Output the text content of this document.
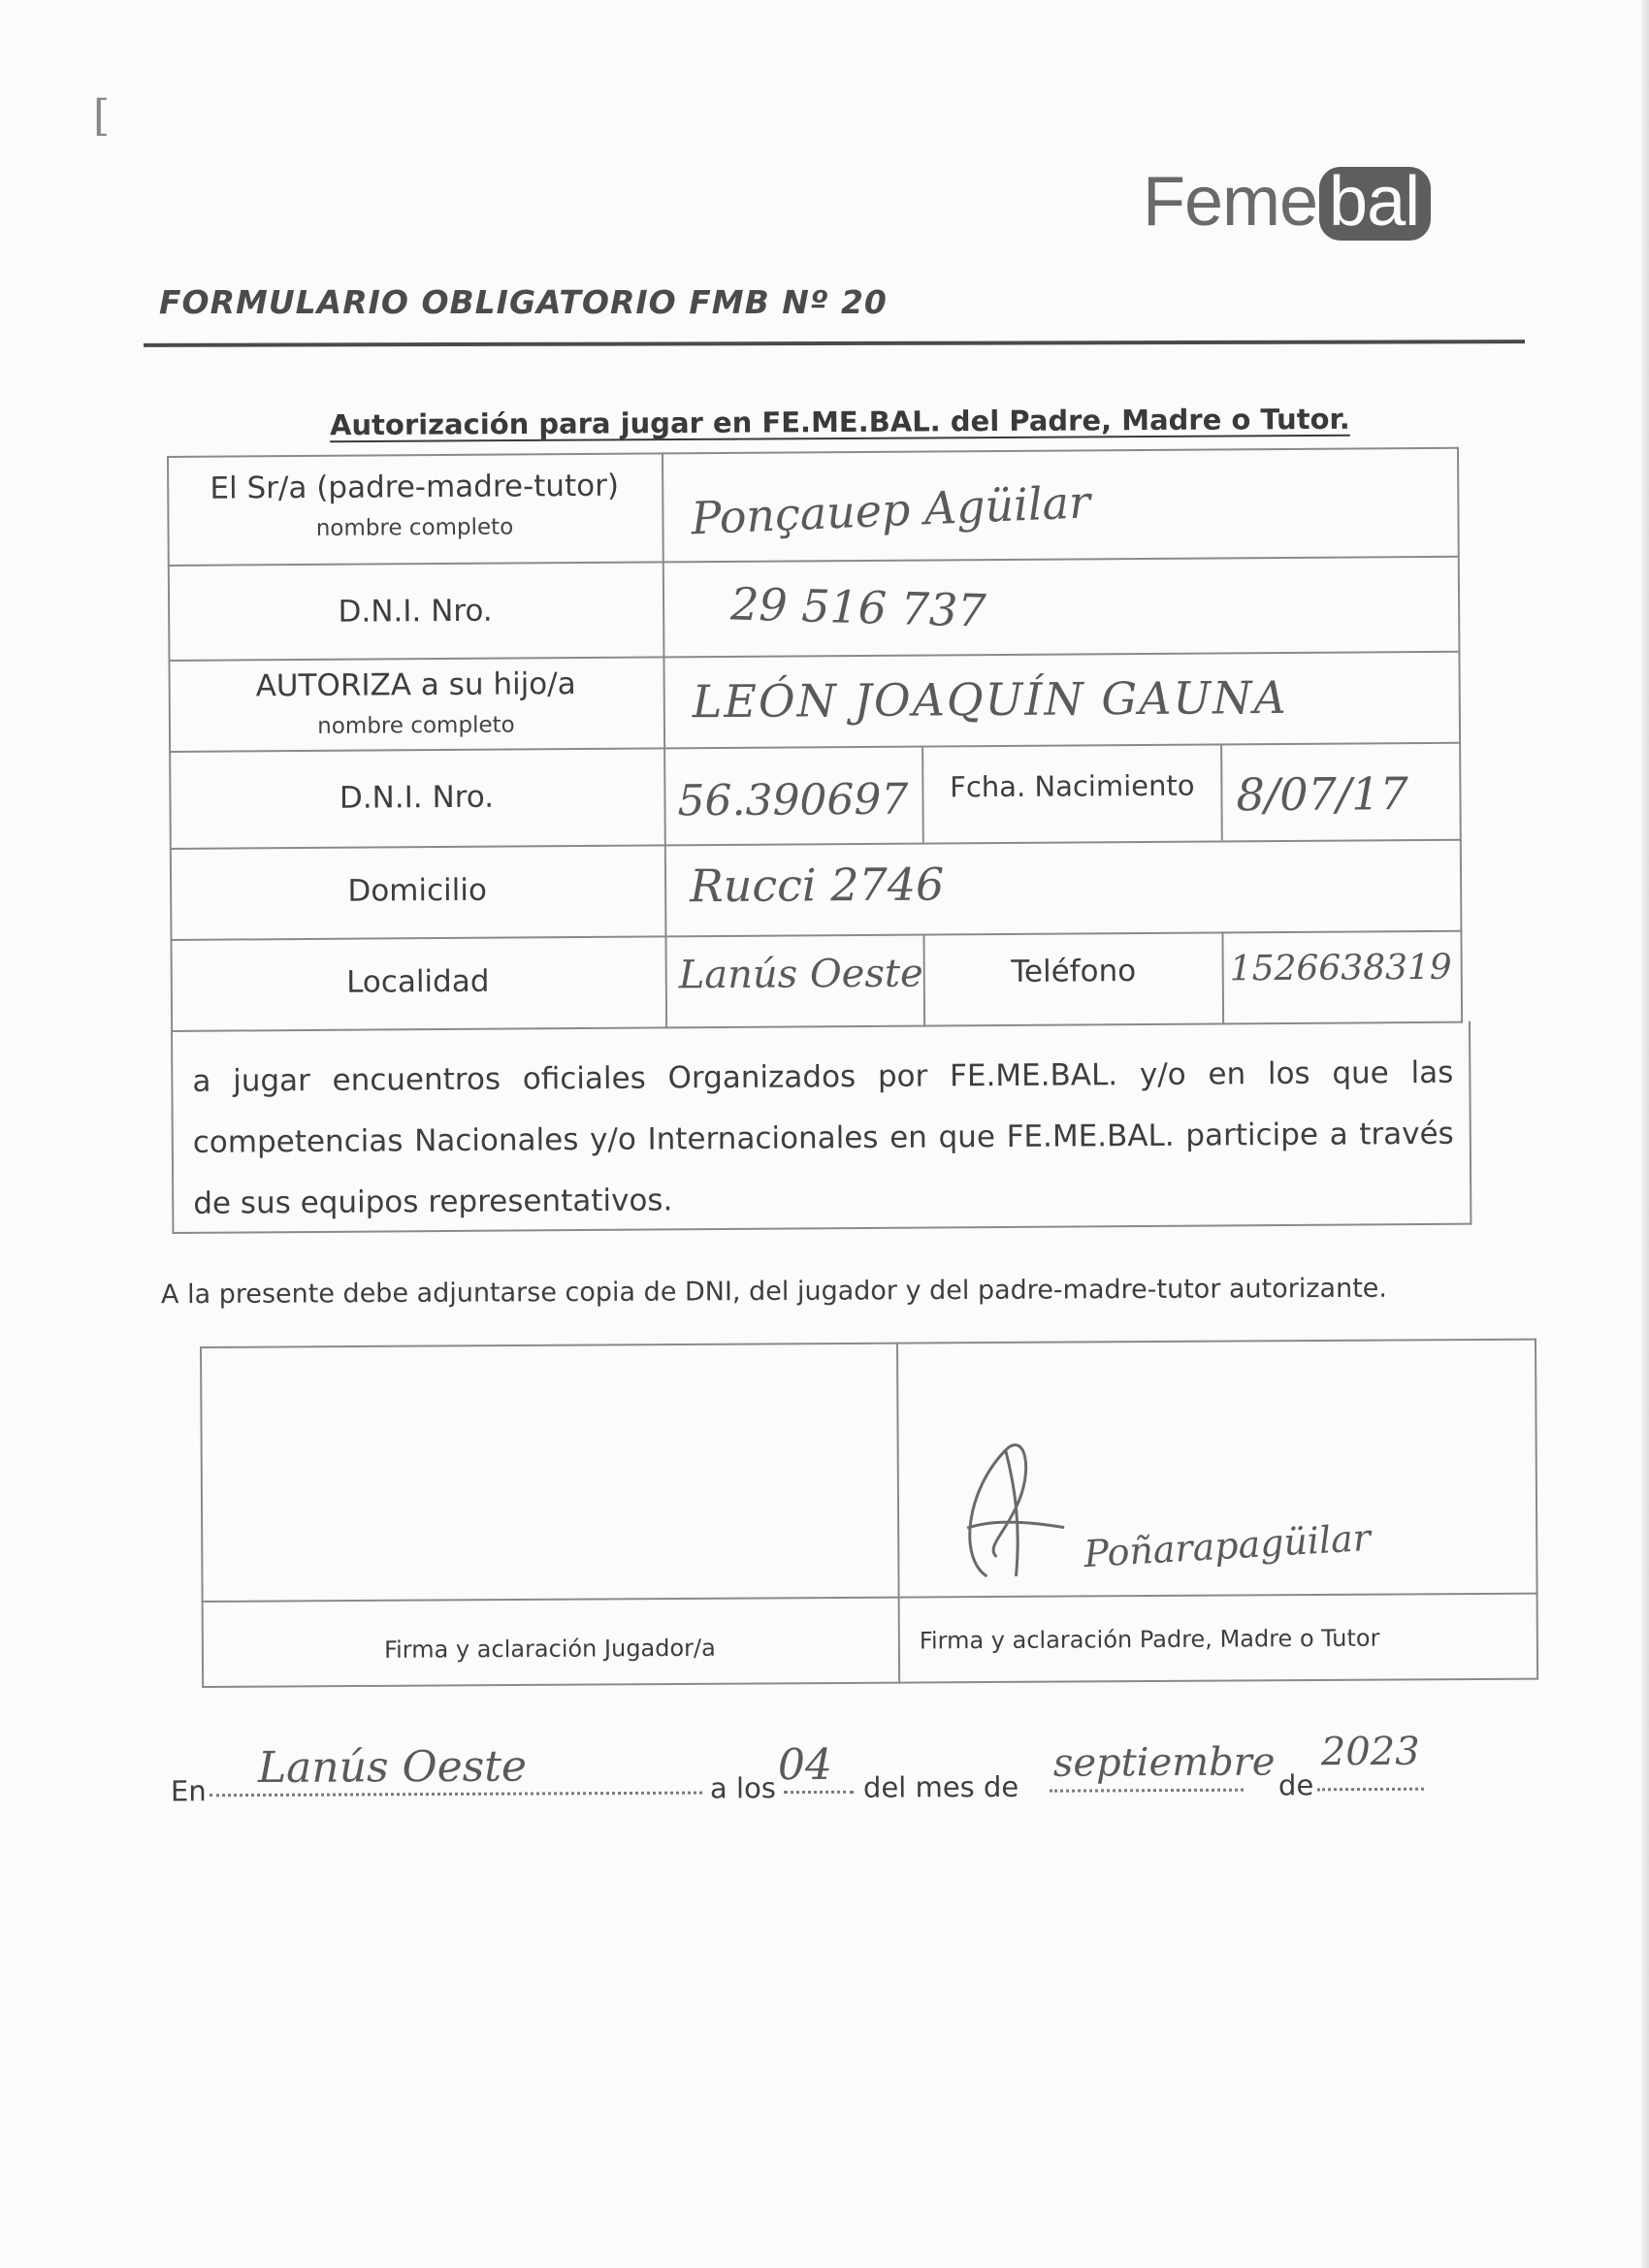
[
Feme bal
FORMULARIO OBLIGATORIO FMB Nº 20
Autorización para jugar en FE.ME.BAL. del Padre, Madre o Tutor.
El Sr/a (padre-madre-tutor)
nombre completo	Ponçauep Agüilar
D.N.I. Nro.	29 516 737
AUTORIZA a su hijo/a
nombre completo	LEÓN JOAQUÍN GAUNA
D.N.I. Nro.	56.390697	Fcha. Nacimiento 8/07/17
Domicilio	Rucci 2746
Localidad	Lanús Oeste	Teléfono	1526638319
a jugar encuentros oficiales Organizados por FE.ME.BAL. y/o en los que las competencias Nacionales y/o Internacionales en que FE.ME.BAL. participe a través de sus equipos representativos.
A la presente debe adjuntarse copia de DNI, del jugador y del padre-madre-tutor autorizante.
Firma y aclaración Jugador/a	Firma y aclaración Padre, Madre o Tutor
Poñarapagüilar
En Lanús Oeste	a los 04 del mes de
septiembre de
2023
